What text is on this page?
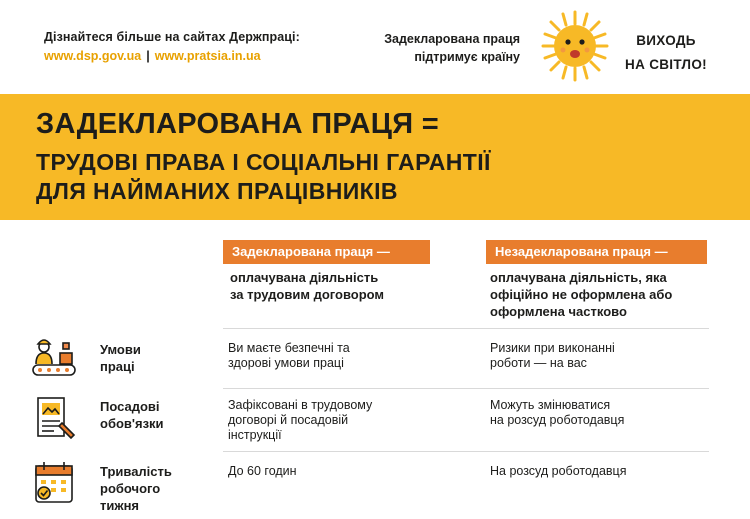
Дізнайтеся більше на сайтах Держпраці:
www.dsp.gov.ua | www.pratsia.in.ua
Задекларована праця
підтримує країну
ВИХОДЬ
НА СВІТЛО!
ЗАДЕКЛАРОВАНА ПРАЦЯ =
ТРУДОВІ ПРАВА І СОЦІАЛЬНІ ГАРАНТІЇ
ДЛЯ НАЙМАНИХ ПРАЦІВНИКІВ
Задекларована праця —	Незадекларована праця —
оплачувана діяльність
за трудовим договором
оплачувана діяльність, яка
офіційно не оформлена або
оформлена частково
Умови
праці
Ви маєте безпечні та
здорові умови праці
Ризики при виконанні
роботи — на вас
Посадові
обов'язки
Зафіксовані в трудовому
договорі й посадовій
інструкції
Можуть змінюватися
на розсуд роботодавця
Тривалість
робочого
тижня
До 60 годин	На розсуд роботодавця
